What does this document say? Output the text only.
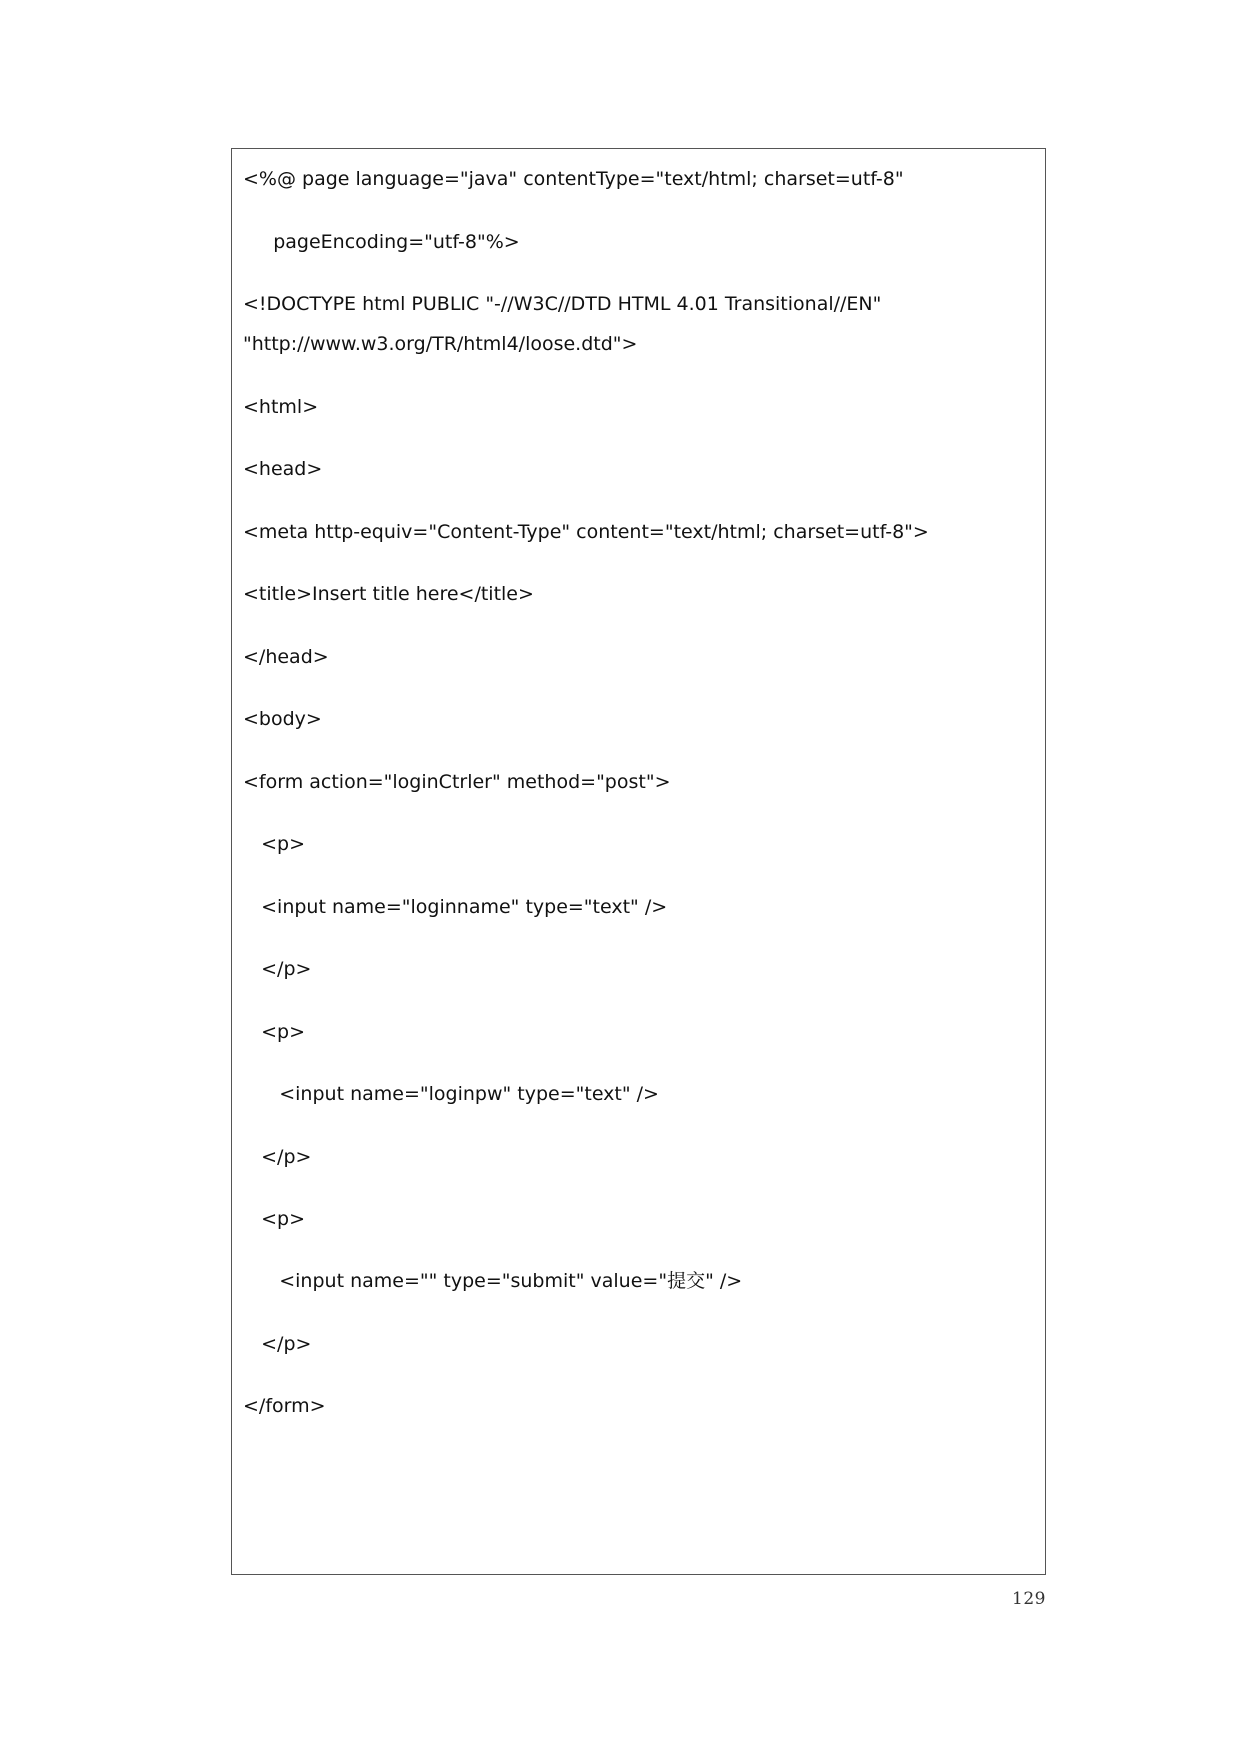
<%@ page language="java" contentType="text/html; charset=utf-8"

pageEncoding="utf-8"%>

<!DOCTYPE html PUBLIC "-//W3C//DTD HTML 4.01 Transitional//EN"

"http://www.w3.org/TR/html4/loose.dtd">

<html>

<head>

<meta http-equiv="Content-Type" content="text/html; charset=utf-8">

<title>Insert title here</title>

</head>

<body>

<form action="loginCtrler" method="post">

<p>

<input name="loginname" type="text" />

</p>

<p>

<input name="loginpw" type="text" />

</p>

<p>

<input name="" type="submit" value="提交" />

</p>

</form>

129
